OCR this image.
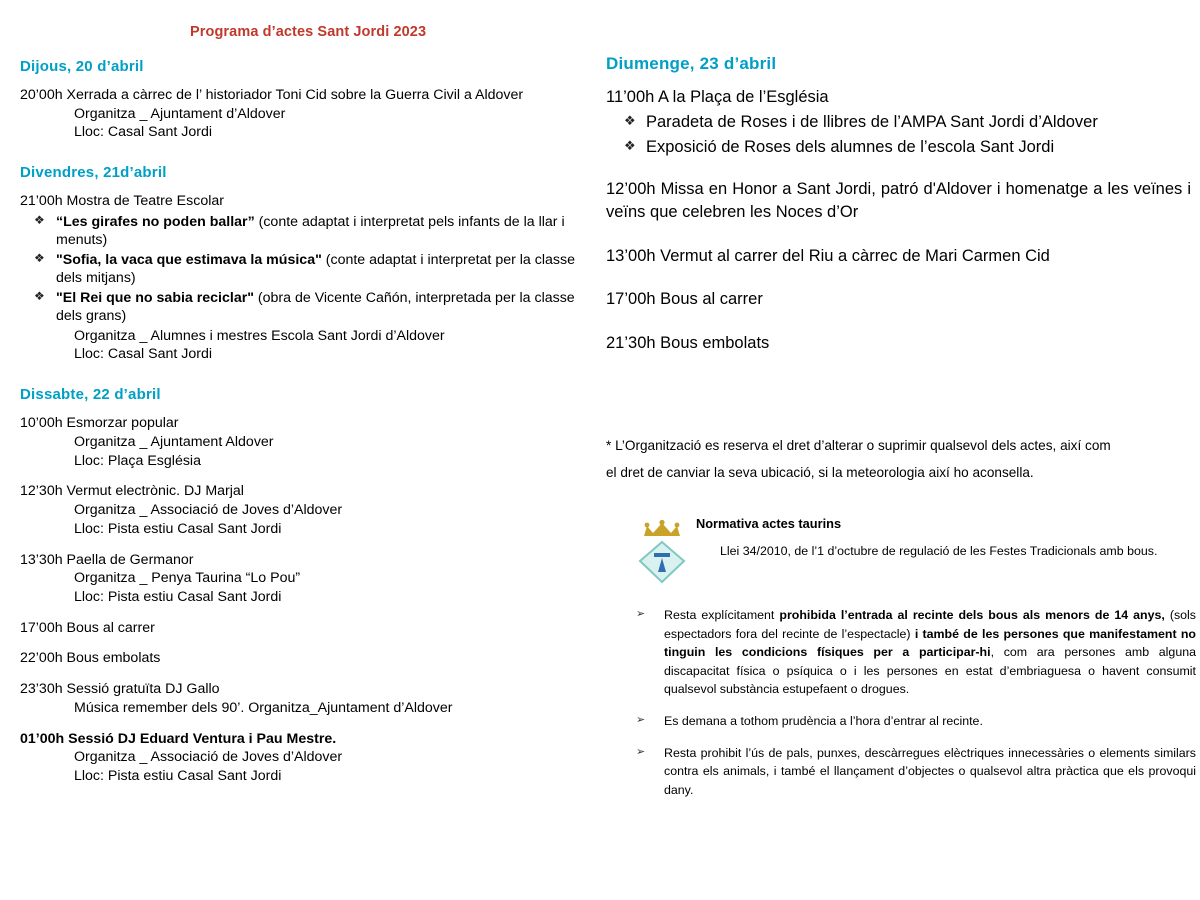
Programa d’actes Sant Jordi 2023
Dijous, 20 d’abril
20’00h Xerrada a càrrec de l’ historiador Toni Cid sobre la Guerra Civil a Aldover
Organitza _ Ajuntament d’Aldover
Lloc: Casal Sant Jordi
Divendres, 21d’abril
21’00h Mostra de Teatre Escolar
❖ “Les girafes no poden ballar” (conte adaptat i interpretat pels infants de la llar i menuts)
❖ "Sofia, la vaca que estimava la música" (conte adaptat i interpretat per la classe dels mitjans)
❖ "El Rei que no sabia reciclar" (obra de Vicente Cañón, interpretada per la classe dels grans)
Organitza _ Alumnes i mestres Escola Sant Jordi d’Aldover
Lloc: Casal Sant Jordi
Dissabte, 22 d’abril
10’00h Esmorzar popular
Organitza _ Ajuntament Aldover
Lloc: Plaça Església
12’30h Vermut electrònic. DJ Marjal
Organitza _ Associació de Joves d’Aldover
Lloc: Pista estiu Casal Sant Jordi
13’30h Paella de Germanor
Organitza _ Penya Taurina “Lo Pou”
Lloc: Pista estiu Casal Sant Jordi
17’00h Bous al carrer
22’00h Bous embolats
23’30h Sessió gratuïta DJ Gallo
Música remember dels 90’. Organitza_Ajuntament d’Aldover
01’00h Sessió DJ Eduard Ventura i Pau Mestre.
Organitza _ Associació de Joves d’Aldover
Lloc: Pista estiu Casal Sant Jordi
Diumenge, 23 d’abril
11’00h A la Plaça de l’Església
❖ Paradeta de Roses i de llibres de l’AMPA Sant Jordi d’Aldover
❖ Exposició de Roses dels alumnes de l’escola Sant Jordi
12’00h Missa en Honor a Sant Jordi, patró d'Aldover i homenatge a les veïnes i veïns que celebren les Noces d’Or
13’00h Vermut al carrer del Riu a càrrec de Mari Carmen Cid
17’00h Bous al carrer
21’30h Bous embolats
* L’Organització es reserva el dret d’alterar o suprimir qualsevol dels actes, així com
el dret de canviar la seva ubicació, si la meteorologia així ho aconsella.
Normativa actes taurins
Llei 34/2010, de l’1 d’octubre de regulació de les Festes Tradicionals amb bous.
➢ Resta explícitament prohibida l’entrada al recinte dels bous als menors de 14 anys, (sols espectadors fora del recinte de l’espectacle) i també de les persones que manifestament no tinguin les condicions físiques per a participar-hi, com ara persones amb alguna discapacitat física o psíquica o i les persones en estat d’embriaguesa o havent consumit qualsevol substància estupefaent o drogues.
➢ Es demana a tothom prudència a l’hora d’entrar al recinte.
➢ Resta prohibit l’ús de pals, punxes, descàrregues elèctriques innecessàries o elements similars contra els animals, i també el llançament d’objectes o qualsevol altra pràctica que els provoqui dany.
